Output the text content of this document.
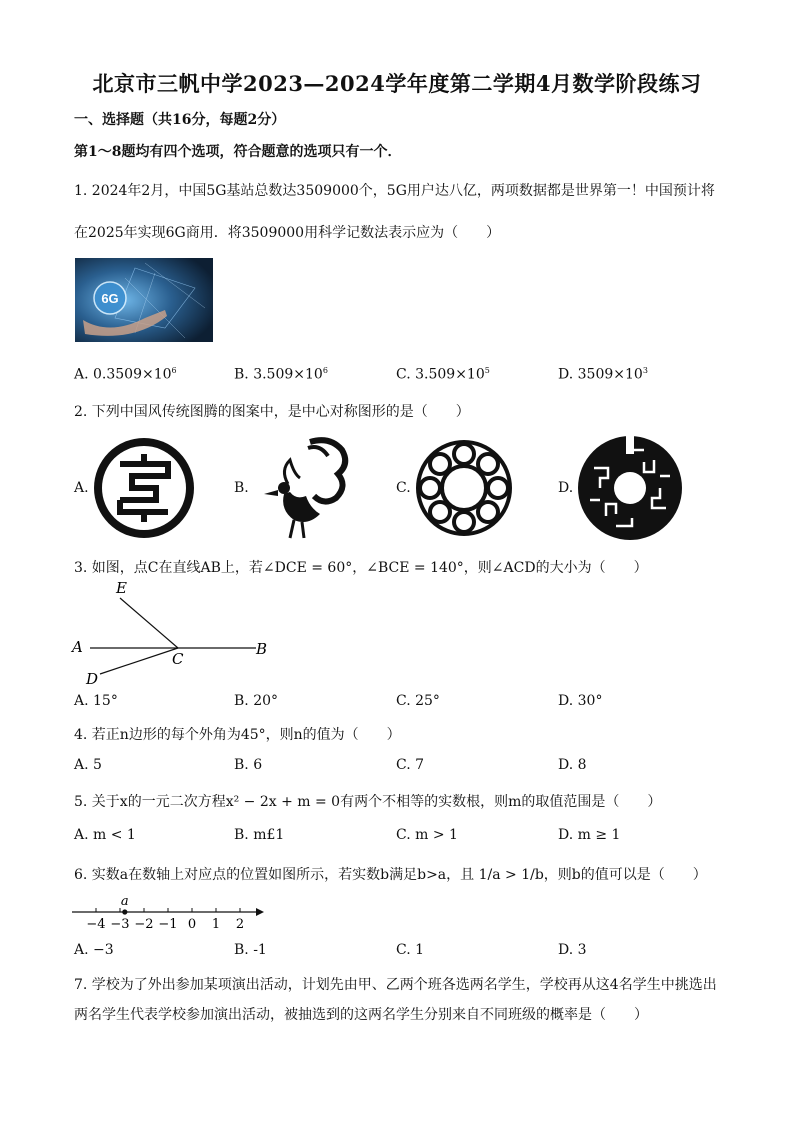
北京市三帆中学2023—2024学年度第二学期4月数学阶段练习
一、选择题（共16分，每题2分）
第1～8题均有四个选项，符合题意的选项只有一个．
1. 2024年2月，中国5G基站总数达3509000个，5G用户达八亿，两项数据都是世界第一！中国预计将
在2025年实现6G商用．将3509000用科学记数法表示应为（　　）
6G
A. $0.3509\times 10^6$	B. $3.509\times 10^6$	C. $3.509\times 10^5$	D. $3509\times 10^3$
2. 下列中国风传统图腾的图案中，是中心对称图形的是（　　）
A.	B.	C.	D.
3. 如图，点C在直线AB上，若∠DCE = 60°，∠BCE = 140°，则∠ACD的大小为（　　）
E
A
C
B
D
A. 15°	B. 20°	C. 25°	D. 30°
4. 若正n边形的每个外角为45°，则n的值为（　　）
A. 5	B. 6	C. 7	D. 8
5. 关于x的一元二次方程x² − 2x + m = 0有两个不相等的实数根，则m的取值范围是（　　）
A. m < 1	B. m£1	C. m > 1	D. m ≥ 1
6. 实数a在数轴上对应点的位置如图所示，若实数b满足b>a，且 1/a > 1/b，则b的值可以是（　　）
−4 −3 −2 −1 0 1 2
a
A. −3	B. -1	C. 1	D. 3
7. 学校为了外出参加某项演出活动，计划先由甲、乙两个班各选两名学生，学校再从这4名学生中挑选出
两名学生代表学校参加演出活动，被抽选到的这两名学生分别来自不同班级的概率是（　　）
